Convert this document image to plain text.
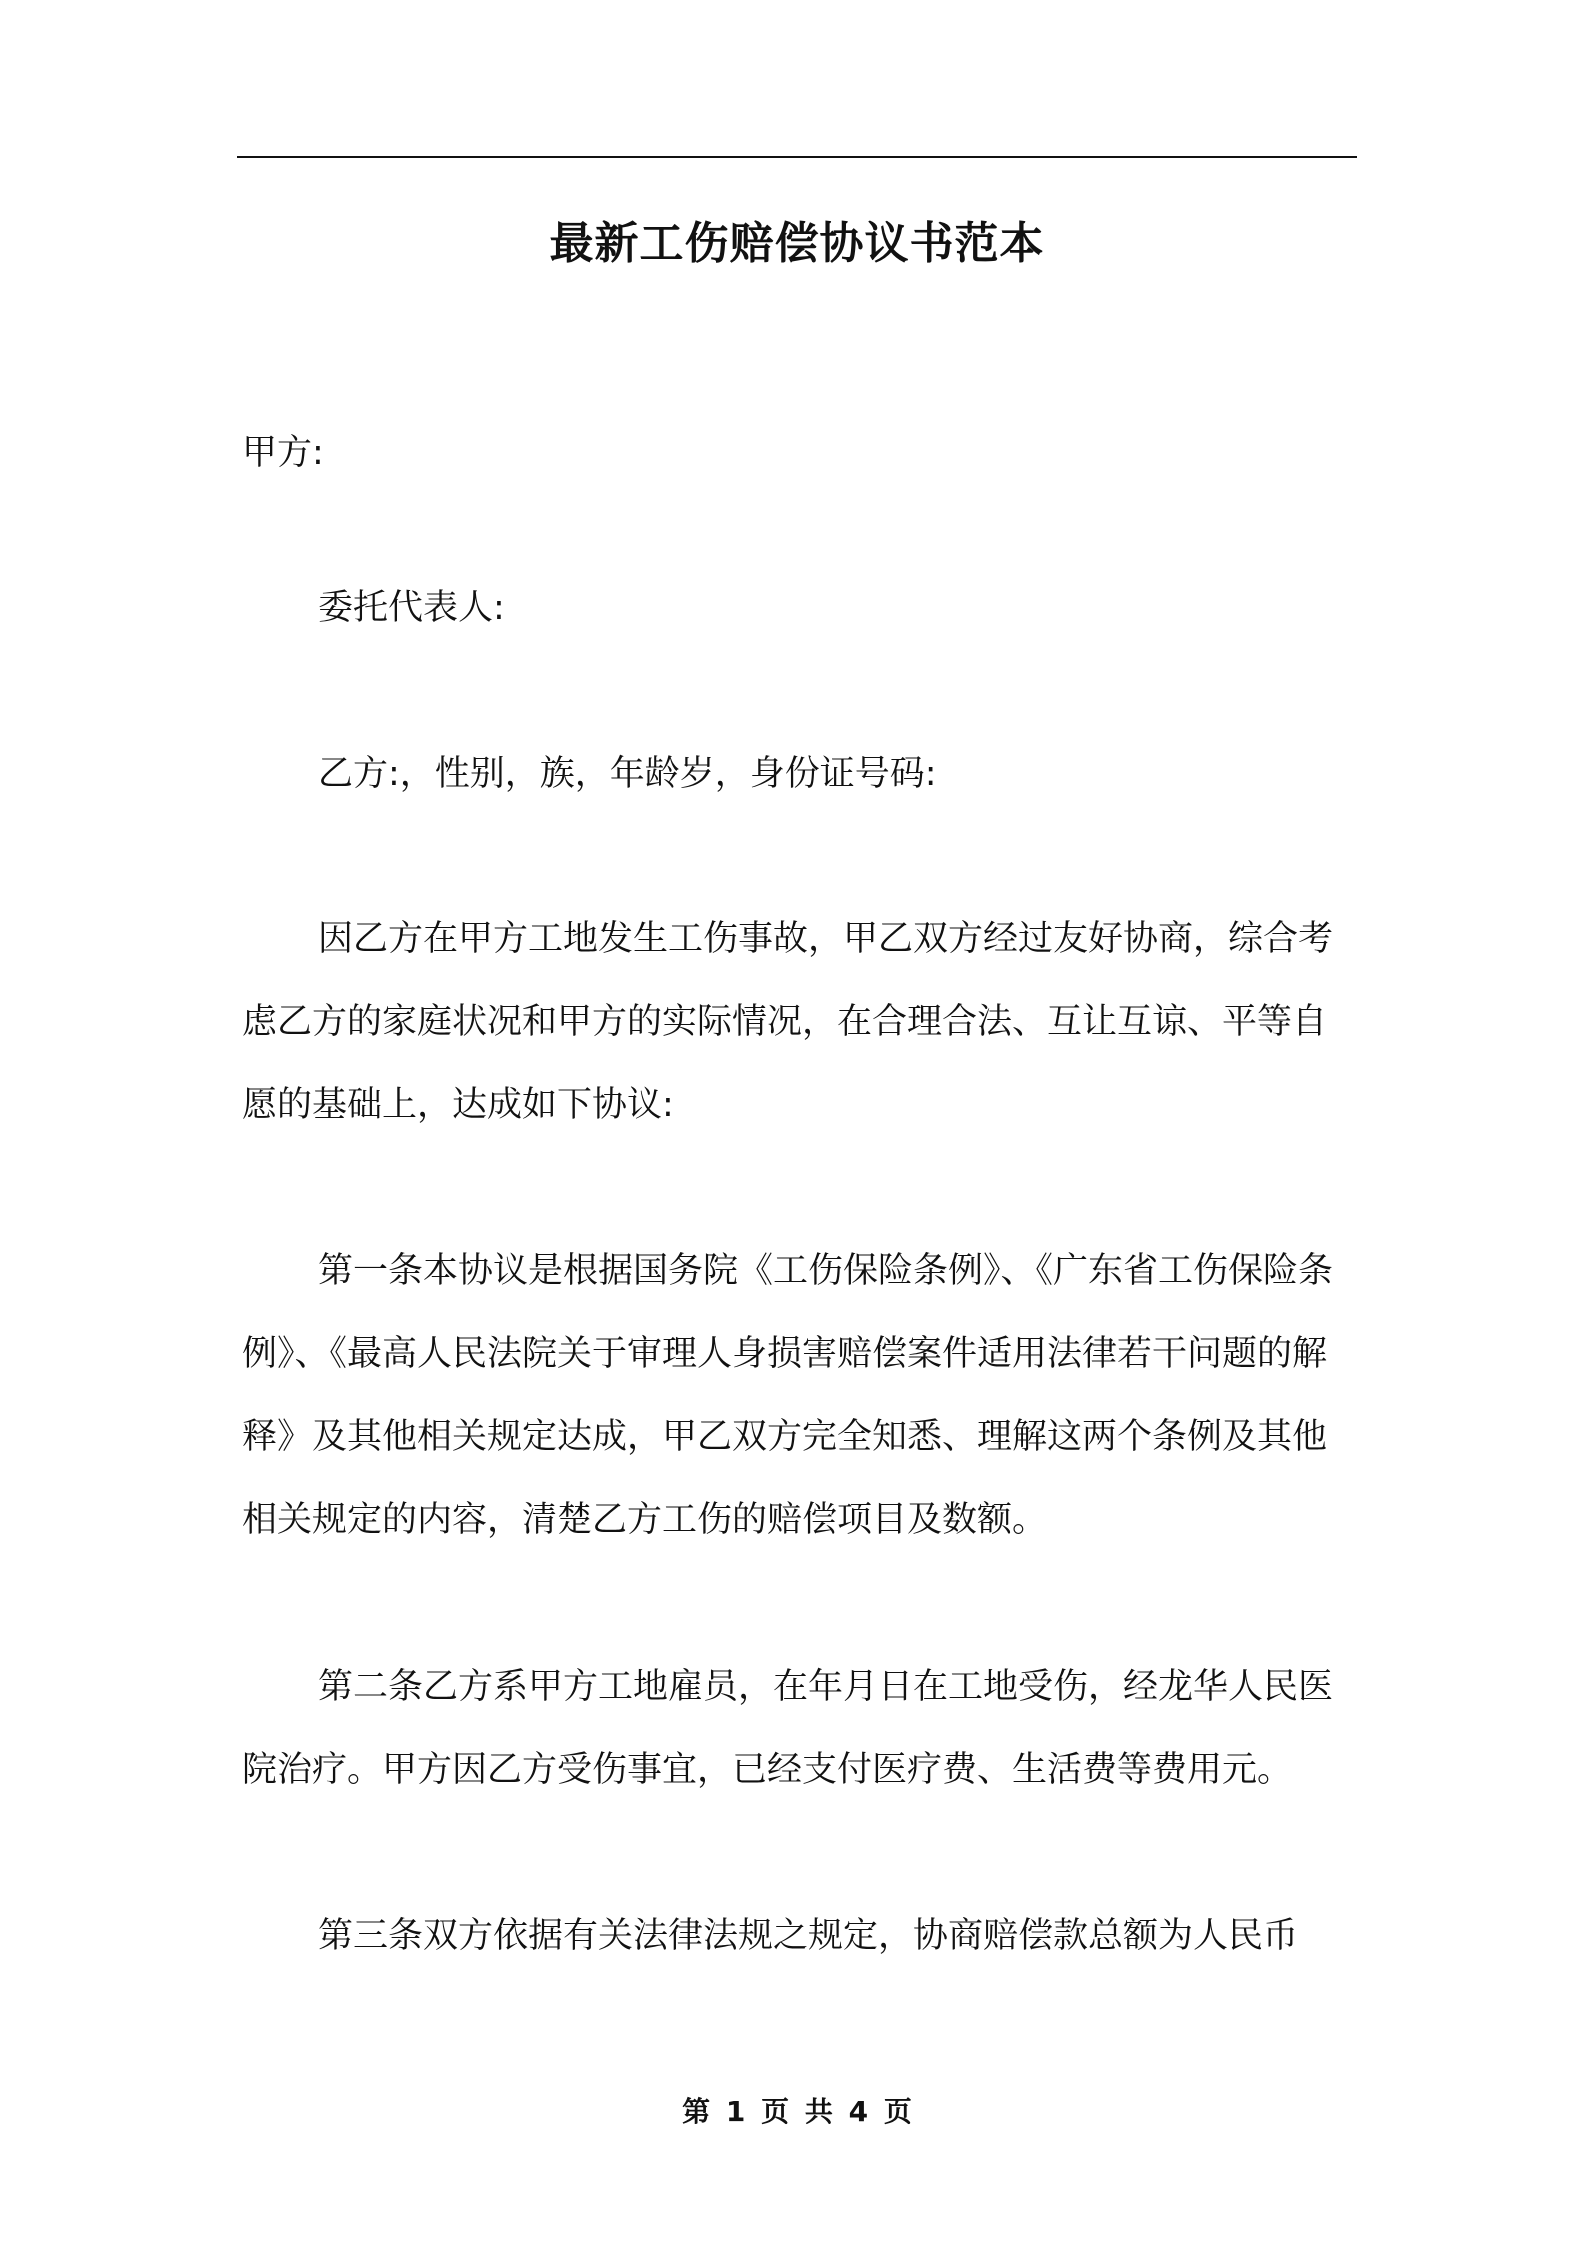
最新工伤赔偿协议书范本

甲方:

委托代表人:

乙方:，性别，族，年龄岁，身份证号码:

因乙方在甲方工地发生工伤事故，甲乙双方经过友好协商，综合考虑乙方的家庭状况和甲方的实际情况，在合理合法、互让互谅、平等自愿的基础上，达成如下协议:

第一条本协议是根据国务院《工伤保险条例》、《广东省工伤保险条例》、《最高人民法院关于审理人身损害赔偿案件适用法律若干问题的解释》及其他相关规定达成，甲乙双方完全知悉、理解这两个条例及其他相关规定的内容，清楚乙方工伤的赔偿项目及数额。

第二条乙方系甲方工地雇员，在年月日在工地受伤，经龙华人民医院治疗。甲方因乙方受伤事宜，已经支付医疗费、生活费等费用元。

第三条双方依据有关法律法规之规定，协商赔偿款总额为人民币

第 1 页 共 4 页
